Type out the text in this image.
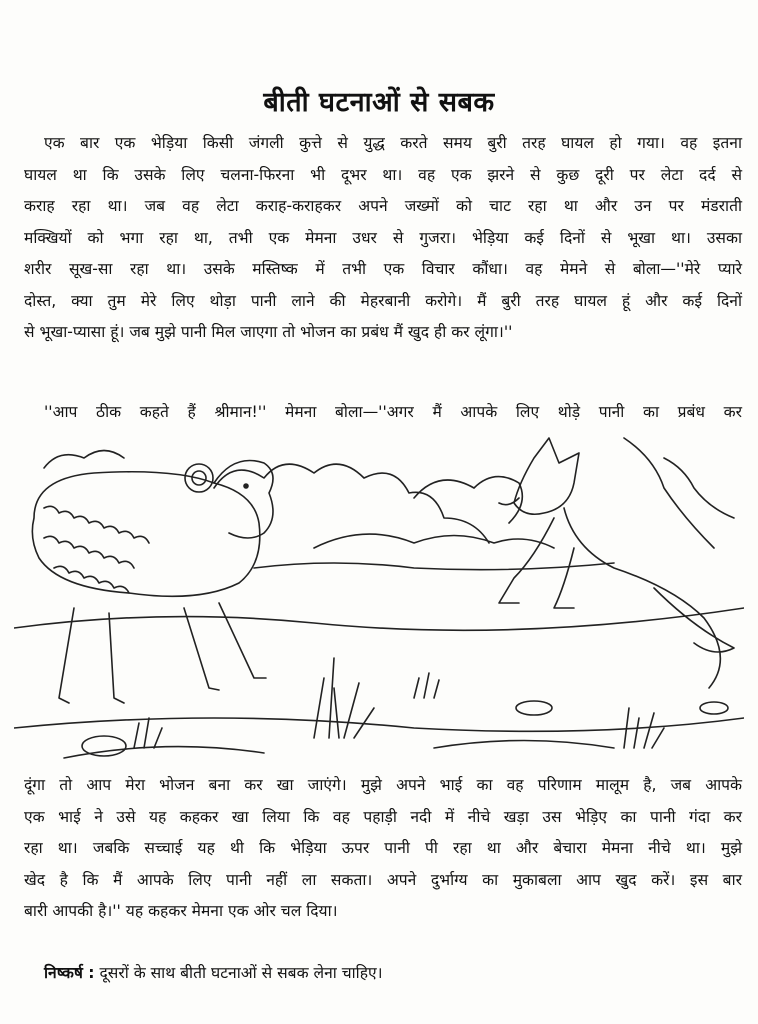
बीती घटनाओं से सबक
एक बार एक भेड़िया किसी जंगली कुत्ते से युद्ध करते समय बुरी तरह घायल हो गया। वह इतना
घायल था कि उसके लिए चलना-फिरना भी दूभर था। वह एक झरने से कुछ दूरी पर लेटा दर्द से
कराह रहा था। जब वह लेटा कराह-कराहकर अपने जख्मों को चाट रहा था और उन पर मंडराती
मक्खियों को भगा रहा था, तभी एक मेमना उधर से गुजरा। भेड़िया कई दिनों से भूखा था। उसका
शरीर सूख-सा रहा था। उसके मस्तिष्क में तभी एक विचार कौंधा। वह मेमने से बोला—''मेरे प्यारे
दोस्त, क्या तुम मेरे लिए थोड़ा पानी लाने की मेहरबानी करोगे। मैं बुरी तरह घायल हूं और कई दिनों
से भूखा-प्यासा हूं। जब मुझे पानी मिल जाएगा तो भोजन का प्रबंध मैं खुद ही कर लूंगा।''
''आप ठीक कहते हैं श्रीमान!'' मेमना बोला—''अगर मैं आपके लिए थोड़े पानी का प्रबंध कर
दूंगा तो आप मेरा भोजन बना कर खा जाएंगे। मुझे अपने भाई का वह परिणाम मालूम है, जब आपके
एक भाई ने उसे यह कहकर खा लिया कि वह पहाड़ी नदी में नीचे खड़ा उस भेड़िए का पानी गंदा कर
रहा था। जबकि सच्चाई यह थी कि भेड़िया ऊपर पानी पी रहा था और बेचारा मेमना नीचे था। मुझे
खेद है कि मैं आपके लिए पानी नहीं ला सकता। अपने दुर्भाग्य का मुकाबला आप खुद करें। इस बार
बारी आपकी है।'' यह कहकर मेमना एक ओर चल दिया।
निष्कर्ष : दूसरों के साथ बीती घटनाओं से सबक लेना चाहिए।
